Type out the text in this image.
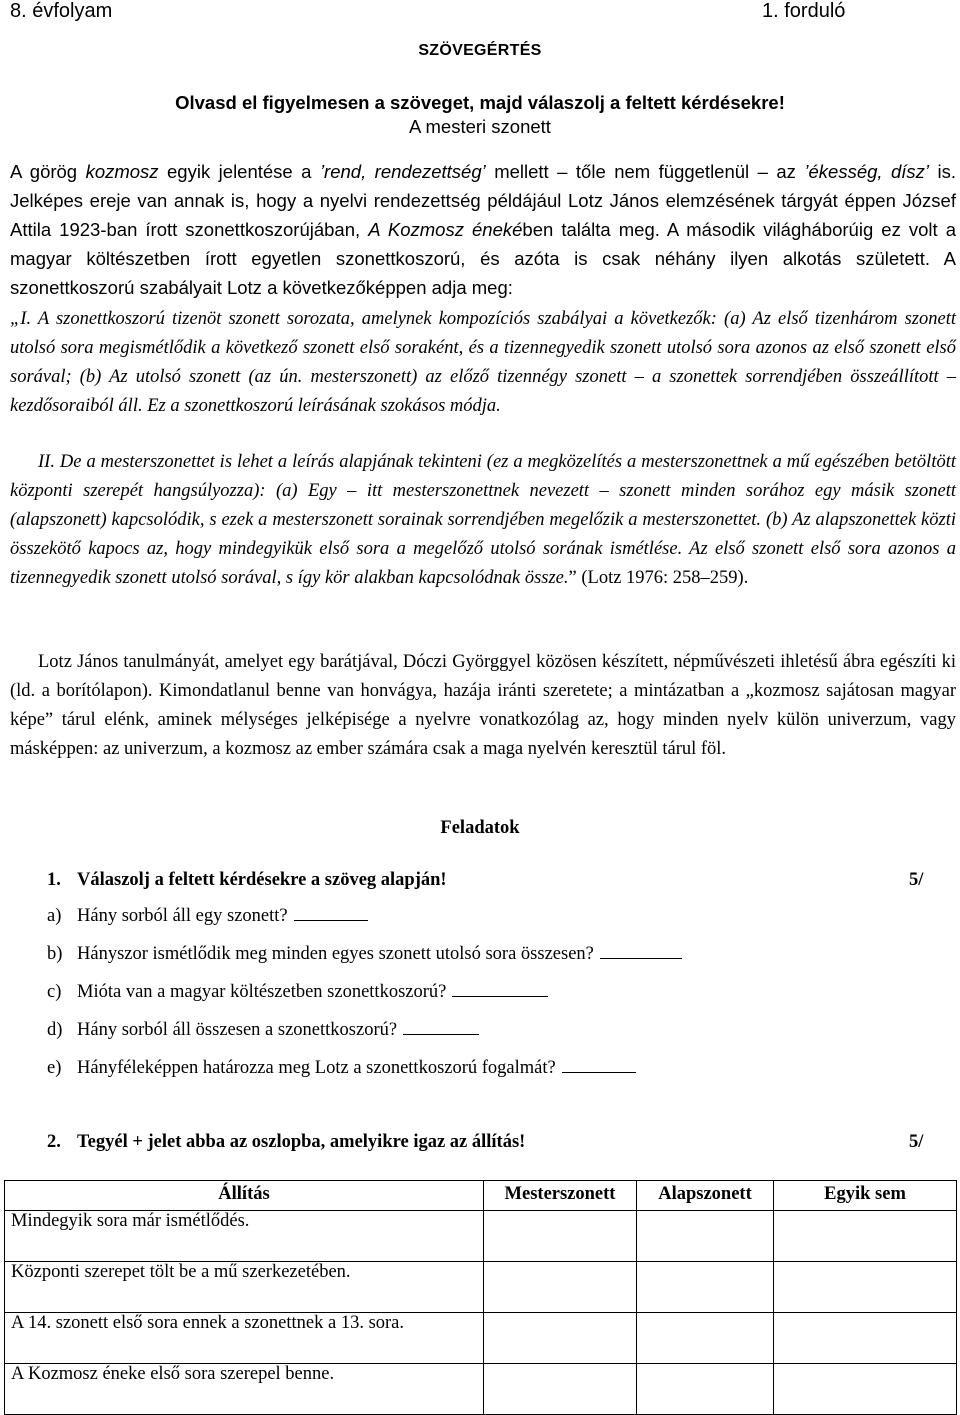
8. évfolyam	1. forduló
SZÖVEGÉRTÉS
Olvasd el figyelmesen a szöveget, majd válaszolj a feltett kérdésekre!
A mesteri szonett
A görög kozmosz egyik jelentése a ’rend, rendezettség’ mellett – tőle nem függetlenül – az ’ékesség, dísz’ is. Jelképes ereje van annak is, hogy a nyelvi rendezettség példájául Lotz János elemzésének tárgyát éppen József Attila 1923-ban írott szonettkoszorújában, A Kozmosz énekében találta meg. A második világháborúig ez volt a magyar költészetben írott egyetlen szonettkoszorú, és azóta is csak néhány ilyen alkotás született. A szonettkoszorú szabályait Lotz a következőképpen adja meg:
„I. A szonettkoszorú tizenöt szonett sorozata, amelynek kompozíciós szabályai a következők: (a) Az első tizenhárom szonett utolsó sora megismétlődik a következő szonett első soraként, és a tizennegyedik szonett utolsó sora azonos az első szonett első sorával; (b) Az utolsó szonett (az ún. mesterszonett) az előző tizennégy szonett – a szonettek sorrendjében összeállított – kezdősoraiból áll. Ez a szonettkoszorú leírásának szokásos módja.
II. De a mesterszonettet is lehet a leírás alapjának tekinteni (ez a megközelítés a mesterszonettnek a mű egészében betöltött központi szerepét hangsúlyozza): (a) Egy – itt mesterszonettnek nevezett – szonett minden sorához egy másik szonett (alapszonett) kapcsolódik, s ezek a mesterszonett sorainak sorrendjében megelőzik a mesterszonettet. (b) Az alapszonettek közti összekötő kapocs az, hogy mindegyikük első sora a megelőző utolsó sorának ismétlése. Az első szonett első sora azonos a tizennegyedik szonett utolsó sorával, s így kör alakban kapcsolódnak össze.” (Lotz 1976: 258–259).
Lotz János tanulmányát, amelyet egy barátjával, Dóczi Györggyel közösen készített, népművészeti ihletésű ábra egészíti ki (ld. a borítólapon). Kimondatlanul benne van honvágya, hazája iránti szeretete; a mintázatban a „kozmosz sajátosan magyar képe” tárul elénk, aminek mélységes jelképisége a nyelvre vonatkozólag az, hogy minden nyelv külön univerzum, vagy másképpen: az univerzum, a kozmosz az ember számára csak a maga nyelvén keresztül tárul föl.
Feladatok
1. Válaszolj a feltett kérdésekre a szöveg alapján!	5/
a) Hány sorból áll egy szonett?
b) Hányszor ismétlődik meg minden egyes szonett utolsó sora összesen?
c) Mióta van a magyar költészetben szonettkoszorú?
d) Hány sorból áll összesen a szonettkoszorú?
e) Hányféleképpen határozza meg Lotz a szonettkoszorú fogalmát?
2. Tegyél + jelet abba az oszlopba, amelyikre igaz az állítás!	5/
Állítás	Mesterszonett	Alapszonett	Egyik sem
Mindegyik sora már ismétlődés.			
Központi szerepet tölt be a mű szerkezetében.			
A 14. szonett első sora ennek a szonettnek a 13. sora.			
A Kozmosz éneke első sora szerepel benne.			
